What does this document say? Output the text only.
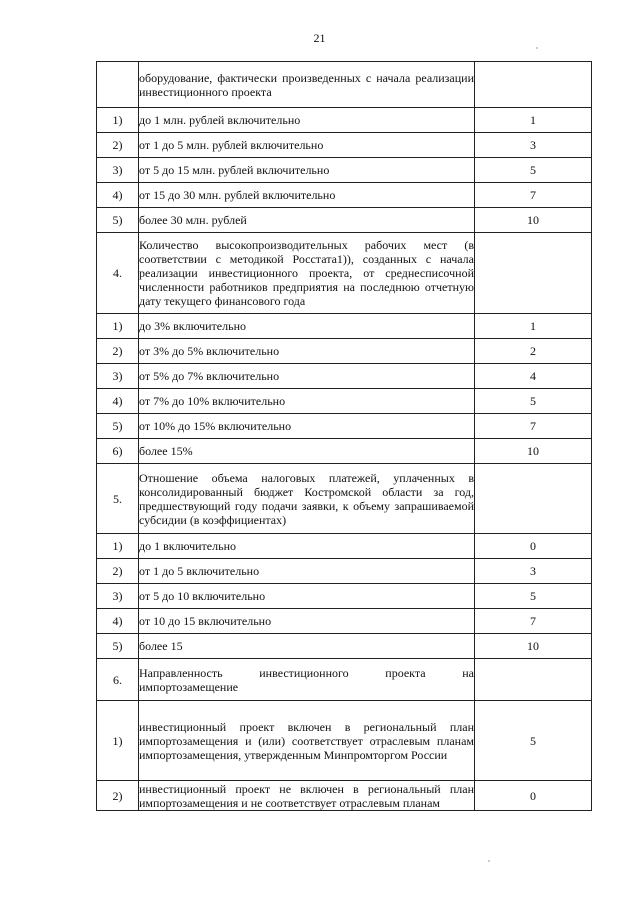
21
	оборудование, фактически произведенных с начала реализации инвестиционного проекта	
1)	до 1 млн. рублей включительно	1
2)	от 1 до 5 млн. рублей включительно	3
3)	от 5 до 15 млн. рублей включительно	5
4)	от 15 до 30 млн. рублей включительно	7
5)	более 30 млн. рублей	10
4.	Количество высокопроизводительных рабочих мест (в соответствии с методикой Росстата1)), созданных с начала реализации инвестиционного проекта, от среднесписочной численности работников предприятия на последнюю отчетную дату текущего финансового года	
1)	до 3% включительно	1
2)	от 3% до 5% включительно	2
3)	от 5% до 7% включительно	4
4)	от 7% до 10% включительно	5
5)	от 10% до 15% включительно	7
6)	более 15%	10
5.	Отношение объема налоговых платежей, уплаченных в консолидированный бюджет Костромской области за год, предшествующий году подачи заявки, к объему запрашиваемой субсидии (в коэффициентах)	
1)	до 1 включительно	0
2)	от 1 до 5 включительно	3
3)	от 5 до 10 включительно	5
4)	от 10 до 15 включительно	7
5)	более 15	10
6.	Направленность инвестиционного проекта на импортозамещение	
1)	инвестиционный проект включен в региональный план импортозамещения и (или) соответствует отраслевым планам импортозамещения, утвержденным Минпромторгом России	5
2)	инвестиционный проект не включен в региональный план импортозамещения и не соответствует отраслевым планам	0
